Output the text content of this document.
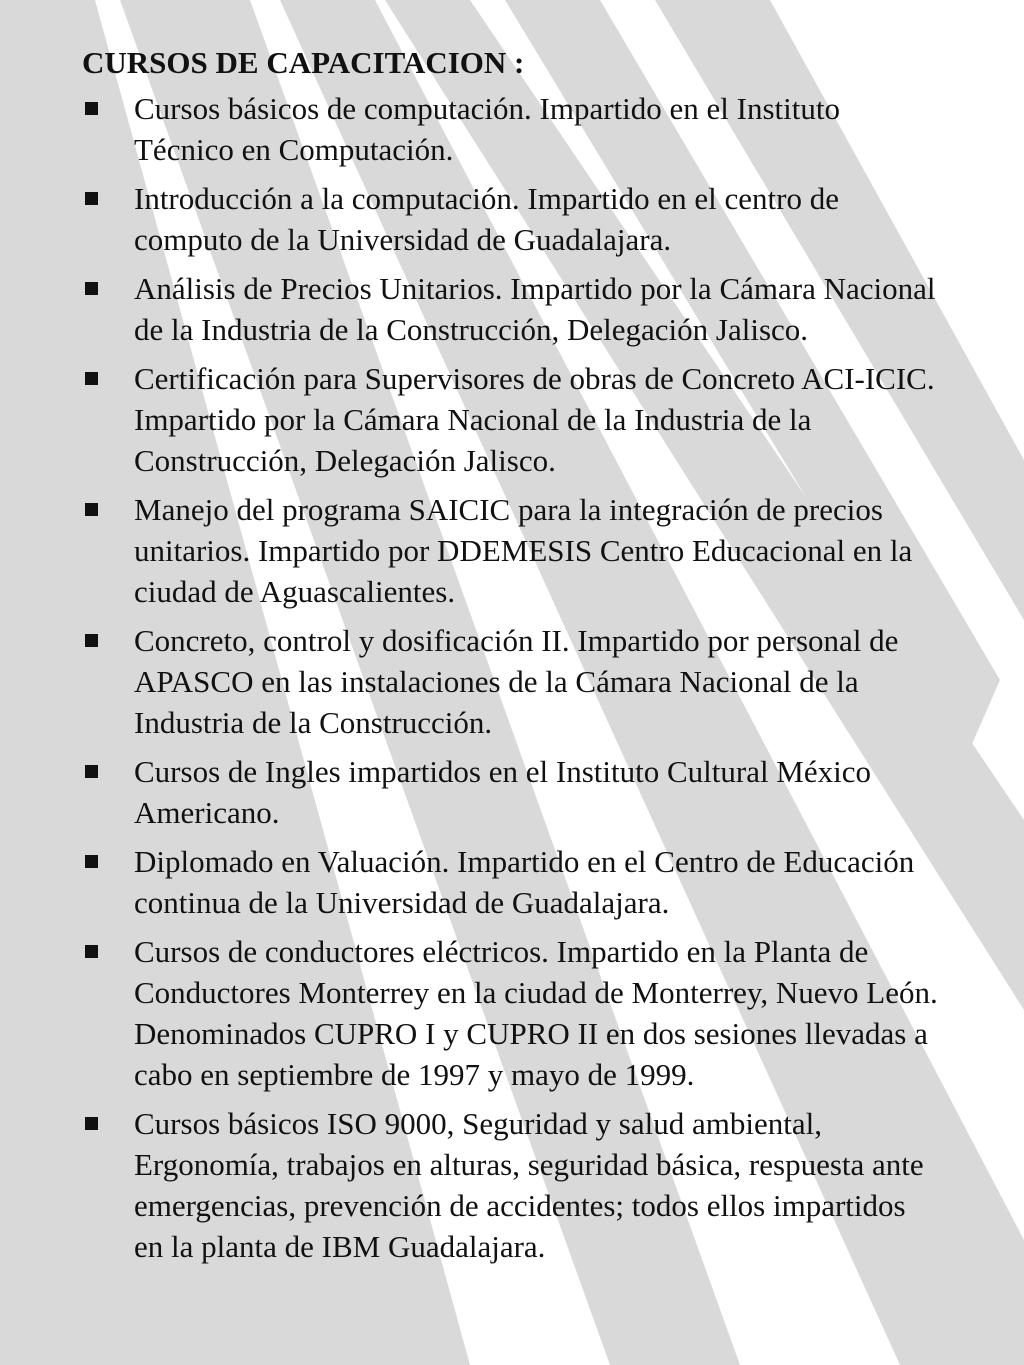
CURSOS DE CAPACITACION :
Cursos básicos de computación. Impartido en el Instituto Técnico en Computación.
Introducción a la computación. Impartido en el centro de computo de la Universidad de Guadalajara.
Análisis de Precios Unitarios. Impartido por la Cámara Nacional de la Industria de la Construcción, Delegación Jalisco.
Certificación para Supervisores de obras de Concreto ACI-ICIC. Impartido por la Cámara Nacional de la Industria de la Construcción, Delegación Jalisco.
Manejo del programa SAICIC para la integración de precios unitarios. Impartido por DDEMESIS Centro Educacional en la ciudad de Aguascalientes.
Concreto, control y dosificación II. Impartido por personal de APASCO en las instalaciones de la Cámara Nacional de la Industria de la Construcción.
Cursos de Ingles impartidos en el Instituto Cultural México Americano.
Diplomado en Valuación. Impartido en el Centro de Educación continua de la Universidad de Guadalajara.
Cursos de conductores eléctricos. Impartido en la Planta de Conductores Monterrey en la ciudad de Monterrey, Nuevo León. Denominados CUPRO I y CUPRO II en dos sesiones llevadas a cabo en septiembre de 1997 y mayo de 1999.
Cursos básicos ISO 9000, Seguridad y salud ambiental, Ergonomía, trabajos en alturas, seguridad básica, respuesta ante emergencias, prevención de accidentes; todos ellos impartidos en la planta de IBM Guadalajara.
